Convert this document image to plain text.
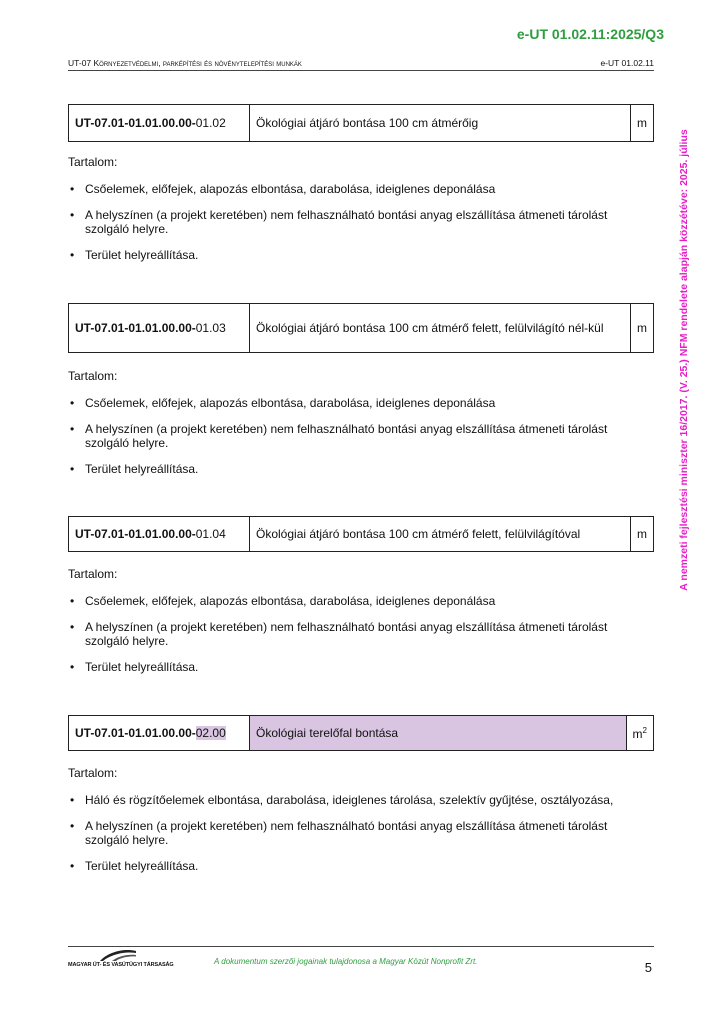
e-UT 01.02.11:2025/Q3
UT-07 Környezetvédelmi, parképítési és növénytelepítési munkák	e-UT 01.02.11
A nemzeti fejlesztési miniszter 16/2017. (V. 25.) NFM rendelete alapján közzétéve: 2025. július
UT-07.01-01.01.00.00-01.02	Ökológiai átjáró bontása 100 cm átmérőig	m
Tartalom:
• Csőelemek, előfejek, alapozás elbontása, darabolása, ideiglenes deponálása
• A helyszínen (a projekt keretében) nem felhasználható bontási anyag elszállítása átmeneti tárolást szolgáló helyre.
• Terület helyreállítása.
UT-07.01-01.01.00.00-01.03	Ökológiai átjáró bontása 100 cm átmérő felett, felülvilágító nél-kül	m
Tartalom:
• Csőelemek, előfejek, alapozás elbontása, darabolása, ideiglenes deponálása
• A helyszínen (a projekt keretében) nem felhasználható bontási anyag elszállítása átmeneti tárolást szolgáló helyre.
• Terület helyreállítása.
UT-07.01-01.01.00.00-01.04	Ökológiai átjáró bontása 100 cm átmérő felett, felülvilágítóval	m
Tartalom:
• Csőelemek, előfejek, alapozás elbontása, darabolása, ideiglenes deponálása
• A helyszínen (a projekt keretében) nem felhasználható bontási anyag elszállítása átmeneti tárolást szolgáló helyre.
• Terület helyreállítása.
UT-07.01-01.01.00.00-02.00	Ökológiai terelőfal bontása	$m^2$
Tartalom:
• Háló és rögzítőelemek elbontása, darabolása, ideiglenes tárolása, szelektív gyűjtése, osztályozása,
• A helyszínen (a projekt keretében) nem felhasználható bontási anyag elszállítása átmeneti tárolást szolgáló helyre.
• Terület helyreállítása.
MAGYAR ÚT- ÉS VASÚTÜGYI TÁRSASÁG	A dokumentum szerzői jogainak tulajdonosa a Magyar Közút Nonprofit Zrt.	5
